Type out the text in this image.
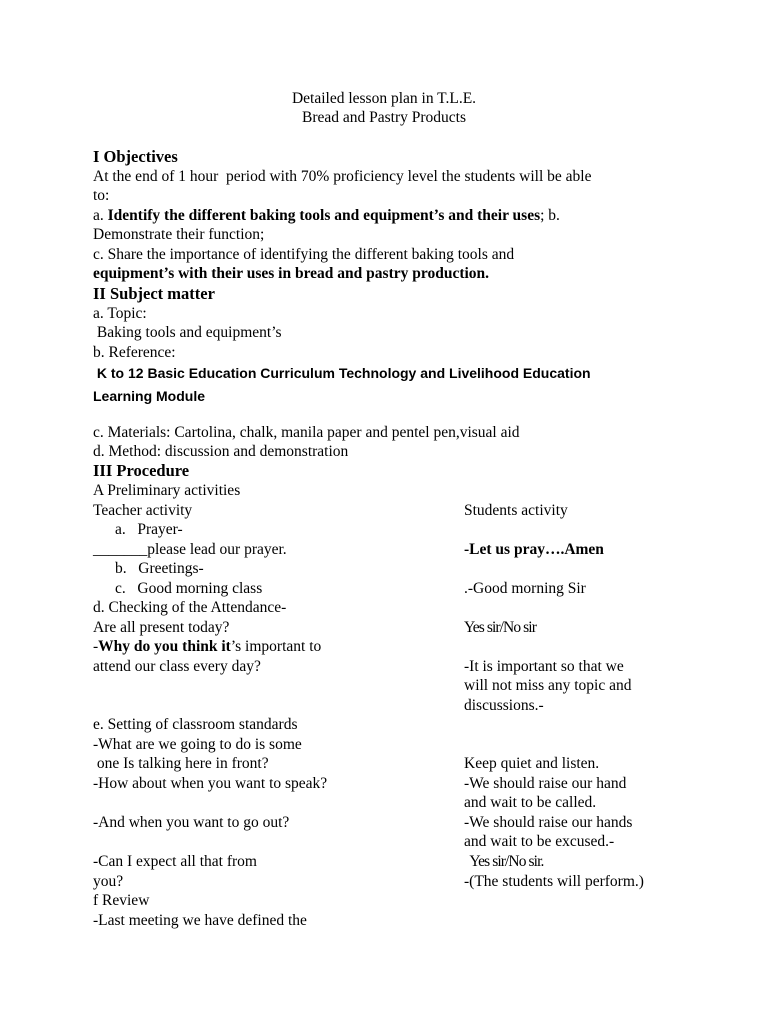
Detailed lesson plan in T.L.E.
Bread and Pastry Products
I Objectives
At the end of 1 hour  period with 70% proficiency level the students will be able
to:
a. Identify the different baking tools and equipment’s and their uses; b.
Demonstrate their function;
c. Share the importance of identifying the different baking tools and
equipment’s with their uses in bread and pastry production.
II Subject matter
a. Topic:
Baking tools and equipment’s
b. Reference:
K to 12 Basic Education Curriculum Technology and Livelihood Education
Learning Module
c. Materials: Cartolina, chalk, manila paper and pentel pen,visual aid
d. Method: discussion and demonstration
III Procedure
A Preliminary activities
Teacher activity	Students activity
a.   Prayer-
_______please lead our prayer.	-Let us pray….Amen
b.   Greetings-
c.   Good morning class	.-Good morning Sir
d. Checking of the Attendance-
Are all present today?	Yes sir/No sir
-Why do you think it’s important to
attend our class every day?	-It is important so that we
will not miss any topic and
discussions.-
e. Setting of classroom standards
-What are we going to do is some
one Is talking here in front?	Keep quiet and listen.
-How about when you want to speak?	-We should raise our hand
and wait to be called.
-And when you want to go out?	-We should raise our hands
and wait to be excused.-
-Can I expect all that from	Yes sir/No sir.
you?	-(The students will perform.)
f Review
-Last meeting we have defined the
